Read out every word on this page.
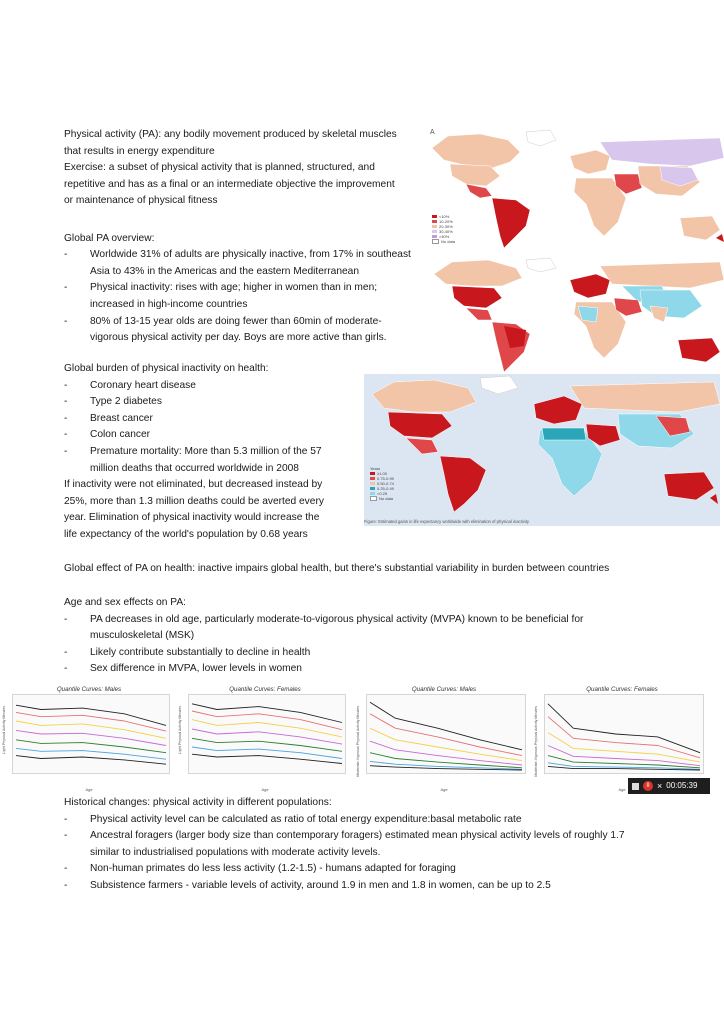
Physical activity (PA): any bodily movement produced by skeletal muscles

that results in energy expenditure

Exercise: a subset of physical activity that is planned, structured, and

repetitive and has as a final or an intermediate objective the improvement

or maintenance of physical fitness

Global PA overview:

-	Worldwide 31% of adults are physically inactive, from 17% in southeast
Asia to 43% in the Americas and the eastern Mediterranean
-	Physical inactivity: rises with age; higher in women than in men;
increased in high-income countries
-	80% of 13-15 year olds are doing fewer than 60min of moderate-
vigorous physical activity per day. Boys are more active than girls.

Global burden of physical inactivity on health:

-	Coronary heart disease
-	Type 2 diabetes
-	Breast cancer
-	Colon cancer
-	Premature mortality: More than 5.3 million of the 57
million deaths that occurred worldwide in 2008

If inactivity were not eliminated, but decreased instead by

25%, more than 1.3 million deaths could be averted every

year. Elimination of physical inactivity would increase the

life expectancy of the world's population by 0.68 years

Global effect of PA on health: inactive impairs global health, but there's substantial variability in burden between countries

Age and sex effects on PA:

-	PA decreases in old age, particularly moderate-to-vigorous physical activity (MVPA) known to be beneficial for
musculoskeletal (MSK)
-	Likely contribute substantially to decline in health
-	Sex difference in MVPA, lower levels in women

Historical changes: physical activity in different populations:

-	Physical activity level can be calculated as ratio of total energy expenditure:basal metabolic rate
-	Ancestral foragers (larger body size than contemporary foragers) estimated mean physical activity levels of roughly 1.7
similar to industrialised populations with moderate activity levels.
-	Non-human primates do less less activity (1.2-1.5) - humans adapted for foraging
-	Subsistence farmers - variable levels of activity, around 1.9 in men and 1.8 in women, can be up to 2.5
A
<10%
10-20%
20-30%
30-40%
>40%
No data
Years
≥1.00
0.75-0.99
0.50-0.74
0.25-0.49
<0.25
No data
Figure: Estimated gains in life expectancy worldwide with elimination of physical inactivity
Quantile Curves: Males
Light Physical Activity Minutes
Age
Quantile Curves: Females
Light Physical Activity Minutes
Age
Quantile Curves: Males
Moderate-Vigorous Physical Activity Minutes
Age
Quantile Curves: Females
Moderate-Vigorous Physical Activity Minutes
Age
II × 00:05:39
